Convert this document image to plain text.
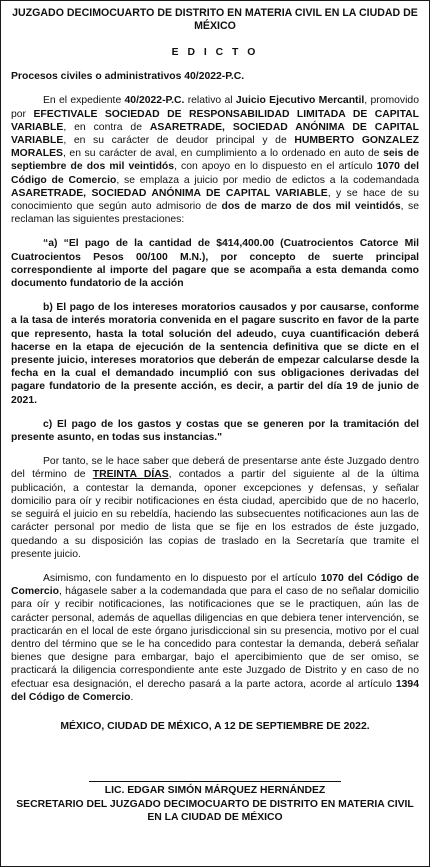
JUZGADO DECIMOCUARTO DE DISTRITO EN MATERIA CIVIL EN LA CIUDAD DE MÉXICO
E D I C T O
Procesos civiles o administrativos 40/2022-P.C.

En el expediente 40/2022-P.C. relativo al Juicio Ejecutivo Mercantil, promovido por EFECTIVALE SOCIEDAD DE RESPONSABILIDAD LIMITADA DE CAPITAL VARIABLE, en contra de ASARETRADE, SOCIEDAD ANÓNIMA DE CAPITAL VARIABLE, en su carácter de deudor principal y de HUMBERTO GONZALEZ MORALES, en su carácter de aval, en cumplimiento a lo ordenado en auto de seis de septiembre de dos mil veintidós, con apoyo en lo dispuesto en el artículo 1070 del Código de Comercio, se emplaza a juicio por medio de edictos a la codemandada ASARETRADE, SOCIEDAD ANÓNIMA DE CAPITAL VARIABLE, y se hace de su conocimiento que según auto admisorio de dos de marzo de dos mil veintidós, se reclaman las siguientes prestaciones:

“a) “El pago de la cantidad de $414,400.00 (Cuatrocientos Catorce Mil Cuatrocientos Pesos 00/100 M.N.), por concepto de suerte principal correspondiente al importe del pagare que se acompaña a esta demanda como documento fundatorio de la acción

b) El pago de los intereses moratorios causados y por causarse, conforme a la tasa de interés moratoria convenida en el pagare suscrito en favor de la parte que represento, hasta la total solución del adeudo, cuya cuantificación deberá hacerse en la etapa de ejecución de la sentencia definitiva que se dicte en el presente juicio, intereses moratorios que deberán de empezar calcularse desde la fecha en la cual el demandado incumplió con sus obligaciones derivadas del pagare fundatorio de la presente acción, es decir, a partir del día 19 de junio de 2021.

c) El pago de los gastos y costas que se generen por la tramitación del presente asunto, en todas sus instancias."

Por tanto, se le hace saber que deberá de presentarse ante éste Juzgado dentro del término de TREINTA DÍAS, contados a partir del siguiente al de la última publicación, a contestar la demanda, oponer excepciones y defensas, y señalar domicilio para oír y recibir notificaciones en ésta ciudad, apercibido que de no hacerlo, se seguirá el juicio en su rebeldía, haciendo las subsecuentes notificaciones aun las de carácter personal por medio de lista que se fije en los estrados de éste juzgado, quedando a su disposición las copias de traslado en la Secretaría que tramite el presente juicio.

Asimismo, con fundamento en lo dispuesto por el artículo 1070 del Código de Comercio, hágasele saber a la codemandada que para el caso de no señalar domicilio para oír y recibir notificaciones, las notificaciones que se le practiquen, aún las de carácter personal, además de aquellas diligencias en que debiera tener intervención, se practicarán en el local de este órgano jurisdiccional sin su presencia, motivo por el cual dentro del término que se le ha concedido para contestar la demanda, deberá señalar bienes que designe para embargar, bajo el apercibimiento que de ser omiso, se practicará la diligencia correspondiente ante este Juzgado de Distrito y en caso de no efectuar esa designación, el derecho pasará a la parte actora, acorde al artículo 1394 del Código de Comercio.

MÉXICO, CIUDAD DE MÉXICO, A 12 DE SEPTIEMBRE DE 2022.
LIC. EDGAR SIMÓN MÁRQUEZ HERNÁNDEZ
SECRETARIO DEL JUZGADO DECIMOCUARTO DE DISTRITO EN MATERIA CIVIL EN LA CIUDAD DE MÉXICO
